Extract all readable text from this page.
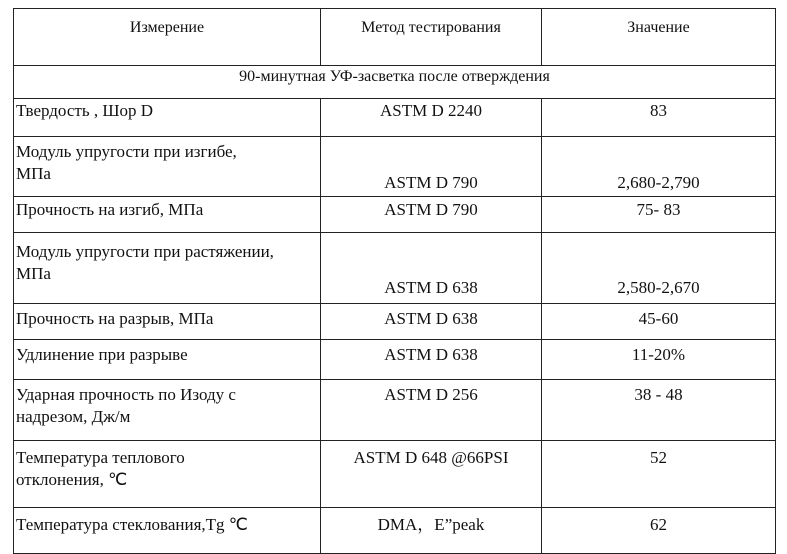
Измерение	Метод тестирования	Значение
90-минутная УФ-засветка после отверждения		
Твердость , Шор D	ASTM D 2240	83
Модуль упругости при изгибе,
МПа	ASTM D 790	2,680-2,790
Прочность на изгиб, МПа	ASTM D 790	75- 83
Модуль упругости при растяжении,
МПа	ASTM D 638	2,580-2,670
Прочность на разрыв, МПа	ASTM D 638	45-60
Удлинение при разрыве	ASTM D 638	11-20%
Ударная прочность по Изоду с
надрезом, Дж/м	ASTM D 256	38 - 48
Температура теплового
отклонения, ℃	ASTM D 648 @66PSI	52
Температура стеклования,Tg ℃	DMA，E”peak	62
